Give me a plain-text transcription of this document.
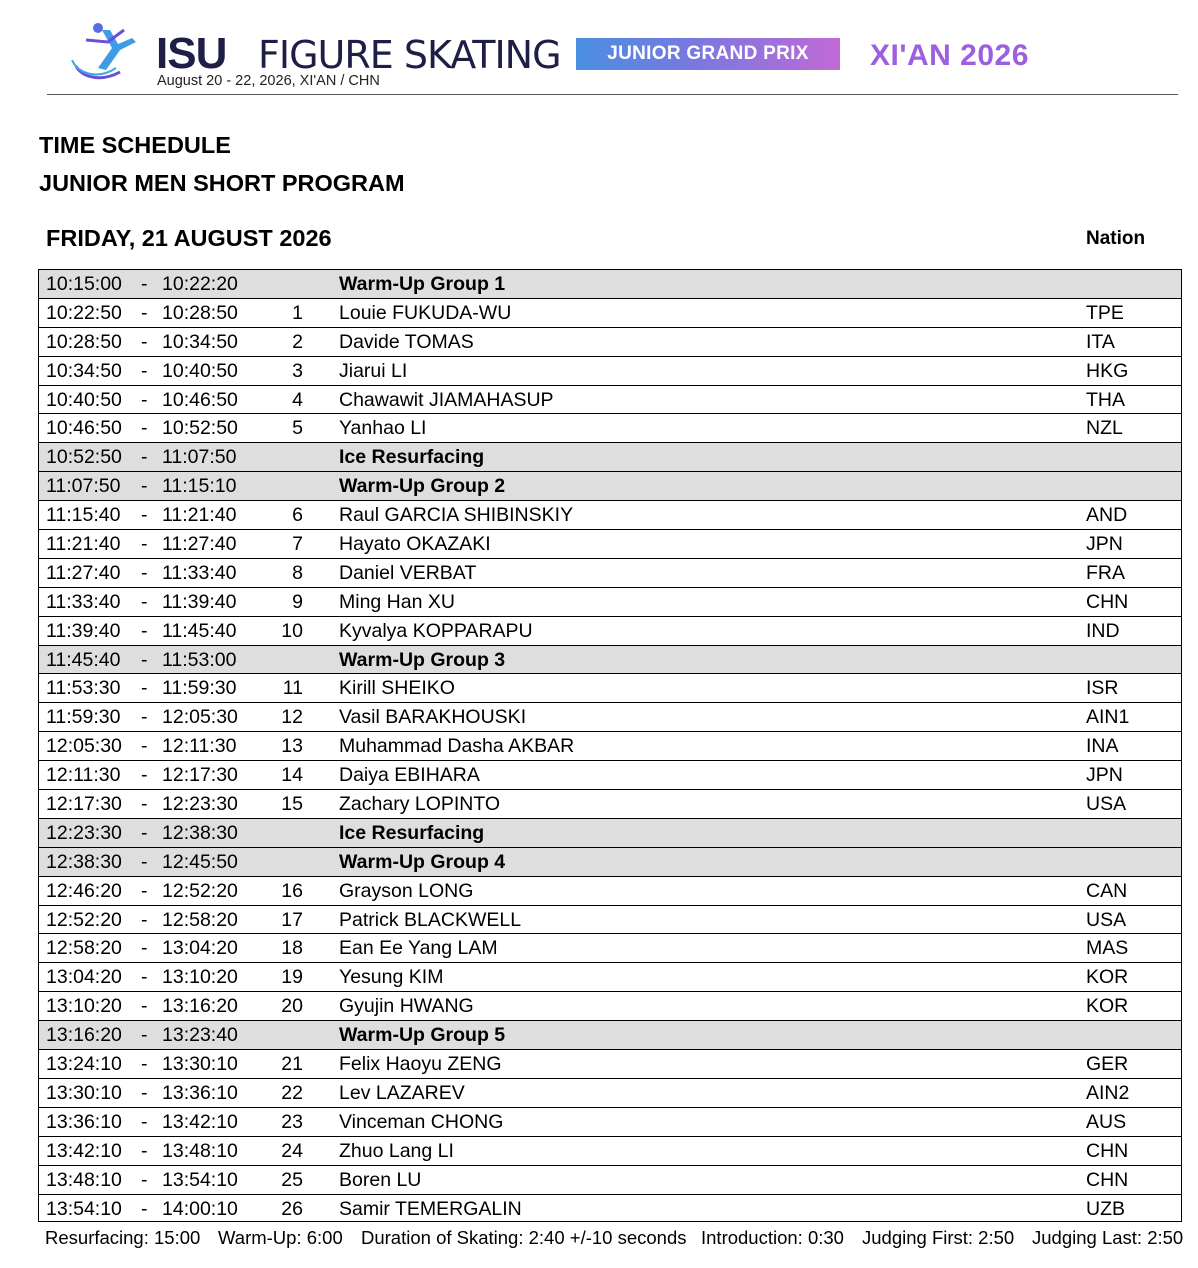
ISU FIGURE SKATING
August 20 - 22, 2026, XI'AN / CHN
JUNIOR GRAND PRIX	XI'AN 2026
TIME SCHEDULE
JUNIOR MEN SHORT PROGRAM
FRIDAY, 21 AUGUST 2026	Nation
10:15:00 - 10:22:20	Warm-Up Group 1
10:22:50 - 10:28:50	1 Louie FUKUDA-WU	TPE
10:28:50 - 10:34:50	2 Davide TOMAS	ITA
10:34:50 - 10:40:50	3 Jiarui LI	HKG
10:40:50 - 10:46:50	4 Chawawit JIAMAHASUP	THA
10:46:50 - 10:52:50	5 Yanhao LI	NZL
10:52:50 - 11:07:50	Ice Resurfacing
11:07:50 - 11:15:10	Warm-Up Group 2
11:15:40 - 11:21:40	6 Raul GARCIA SHIBINSKIY	AND
11:21:40 - 11:27:40	7 Hayato OKAZAKI	JPN
11:27:40 - 11:33:40	8 Daniel VERBAT	FRA
11:33:40 - 11:39:40	9 Ming Han XU	CHN
11:39:40 - 11:45:40	10 Kyvalya KOPPARAPU	IND
11:45:40 - 11:53:00	Warm-Up Group 3
11:53:30 - 11:59:30	11 Kirill SHEIKO	ISR
11:59:30 - 12:05:30	12 Vasil BARAKHOUSKI	AIN1
12:05:30 - 12:11:30	13 Muhammad Dasha AKBAR	INA
12:11:30 - 12:17:30	14 Daiya EBIHARA	JPN
12:17:30 - 12:23:30	15 Zachary LOPINTO	USA
12:23:30 - 12:38:30	Ice Resurfacing
12:38:30 - 12:45:50	Warm-Up Group 4
12:46:20 - 12:52:20	16 Grayson LONG	CAN
12:52:20 - 12:58:20	17 Patrick BLACKWELL	USA
12:58:20 - 13:04:20	18 Ean Ee Yang LAM	MAS
13:04:20 - 13:10:20	19 Yesung KIM	KOR
13:10:20 - 13:16:20	20 Gyujin HWANG	KOR
13:16:20 - 13:23:40	Warm-Up Group 5
13:24:10 - 13:30:10	21 Felix Haoyu ZENG	GER
13:30:10 - 13:36:10	22 Lev LAZAREV	AIN2
13:36:10 - 13:42:10	23 Vinceman CHONG	AUS
13:42:10 - 13:48:10	24 Zhuo Lang LI	CHN
13:48:10 - 13:54:10	25 Boren LU	CHN
13:54:10 - 14:00:10	26 Samir TEMERGALIN	UZB
Resurfacing: 15:00 Warm-Up: 6:00 Duration of Skating: 2:40 +/-10 seconds Introduction: 0:30 Judging First: 2:50 Judging Last: 2:50
